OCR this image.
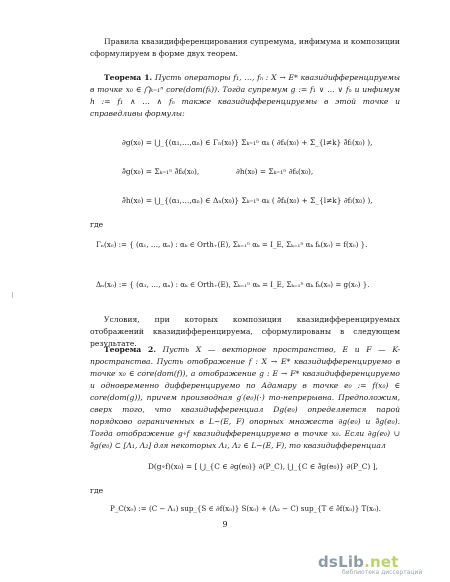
Правила квазидифференцирования супремума, инфимума и композиции сформулируем в форме двух теорем.

Теорема 1. Пусть операторы f₁, …, fₙ : X → E* квазидифференцируемы в точке x₀ ∈ ⋂ₖ₌₁ⁿ core(dom(fₖ)). Тогда супремум g := f₁ ∨ … ∨ fₙ и инфимум h := f₁ ∧ … ∧ fₙ также квазидифференцируемы в этой точке и справедливы формулы:

∂g(x₀) = ⋃_{(α₁,…,αₙ) ∈ Γₙ(x₀)} Σₖ₌₁ⁿ αₖ ( ∂fₖ(x₀) + Σ_{l≠k} ∂̄fₗ(x₀) ),
∂̄g(x₀) = Σₖ₌₁ⁿ ∂̄fₖ(x₀),	∂h(x₀) = Σₖ₌₁ⁿ ∂fₖ(x₀),
∂̄h(x₀) = ⋃_{(α₁,…,αₙ) ∈ Δₙ(x₀)} Σₖ₌₁ⁿ αₖ ( ∂̄fₖ(x₀) + Σ_{l≠k} ∂fₗ(x₀) ),
где
Γₙ(x₀) := { (α₁, …, αₙ) : αₖ ∈ Orth₊(E), Σₖ₌₁ⁿ αₖ = I_E, Σₖ₌₁ⁿ αₖ fₖ(x₀) = f(x₀) }.
Δₙ(x₀) := { (α₁, …, αₙ) : αₖ ∈ Orth₊(E), Σₖ₌₁ⁿ αₖ = I_E, Σₖ₌₁ⁿ αₖ fₖ(x₀) = g(x₀) }.

Условия, при которых композиция квазидифференцируемых отображений квазидифференцируема, сформулированы в следующем результате.

Теорема 2. Пусть X — векторное пространство, E и F — K-пространства. Пусть отображение f : X → E* квазидифференцируемо в точке x₀ ∈ core(dom(f)), а отображение g : E → F* квазидифференцируемо и одновременно дифференцируемо по Адамару в точке e₀ := f(x₀) ∈ core(dom(g)), причем производная g′(e₀)(·) то-непрерывна. Предположим, сверх того, что квазидифференциал Dg(e₀) определяется парой порядково ограниченных в L~(E, F) опорных множеств ∂g(e₀) и ∂̄g(e₀). Тогда отображение g∘f квазидифференцируемо в точке x₀. Если ∂g(e₀) ∪ ∂̄g(e₀) ⊂ [Λ₁, Λ₂] для некоторых Λ₁, Λ₂ ∈ L~(E, F), то квазидифференциал

D(g∘f)(x₀) = [ ⋃_{C ∈ ∂g(e₀)} ∂(P_C), ⋃_{C ∈ ∂̄g(e₀)} ∂(P_C) ],
где
P_C(x₀) := (C − Λ₁) sup_{S ∈ ∂f(x₀)} S(x₀) + (Λ₂ − C) sup_{T ∈ ∂̄f(x₀)} T(x₀).
9
dsLib.net
библиотека диссертаций
